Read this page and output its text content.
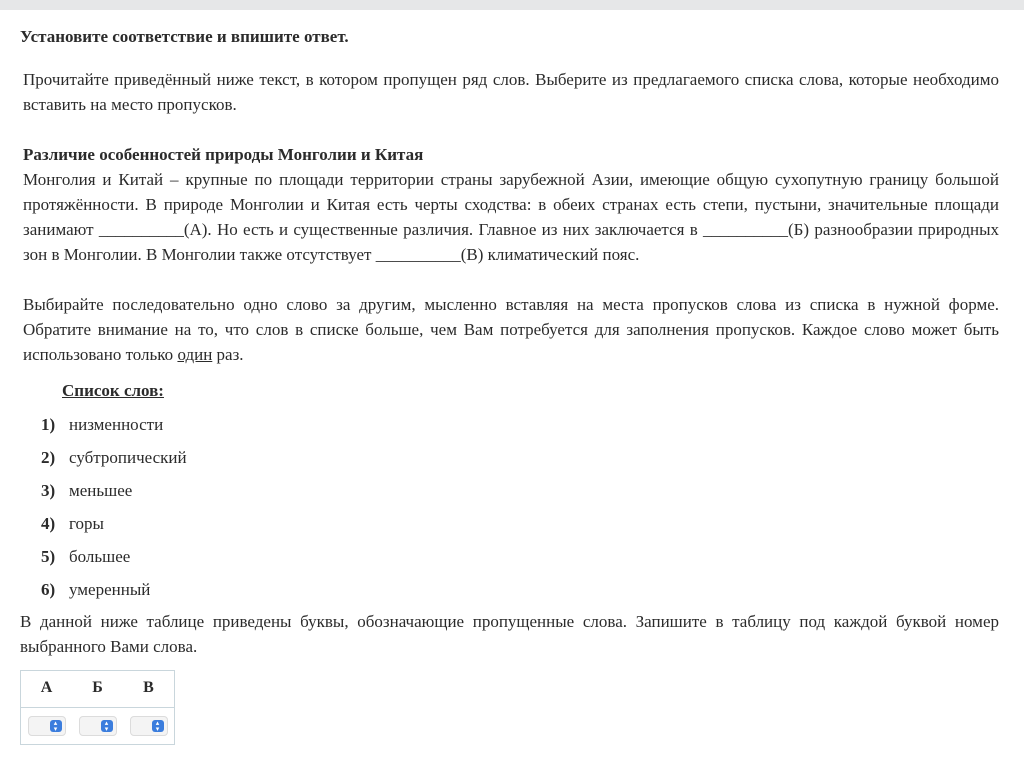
Установите соответствие и впишите ответ.
Прочитайте приведённый ниже текст, в котором пропущен ряд слов. Выберите из предлагаемого списка слова, которые необходимо вставить на место пропусков.
Различие особенностей природы Монголии и Китая
Монголия и Китай – крупные по площади территории страны зарубежной Азии, имеющие общую сухопутную границу большой протяжённости. В природе Монголии и Китая есть черты сходства: в обеих странах есть степи, пустыни, значительные площади занимают __________(А). Но есть и существенные различия. Главное из них заключается в __________(Б) разнообразии природных зон в Монголии. В Монголии также отсутствует __________(В) климатический пояс.
Выбирайте последовательно одно слово за другим, мысленно вставляя на места пропусков слова из списка в нужной форме. Обратите внимание на то, что слов в списке больше, чем Вам потребуется для заполнения пропусков. Каждое слово может быть использовано только один раз.
Список слов:
1) низменности
2) субтропический
3) меньшее
4) горы
5) большее
6) умеренный
В данной ниже таблице приведены буквы, обозначающие пропущенные слова. Запишите в таблицу под каждой буквой номер выбранного Вами слова.
А	Б	В
▴
▾
▴
▾
▴
▾
